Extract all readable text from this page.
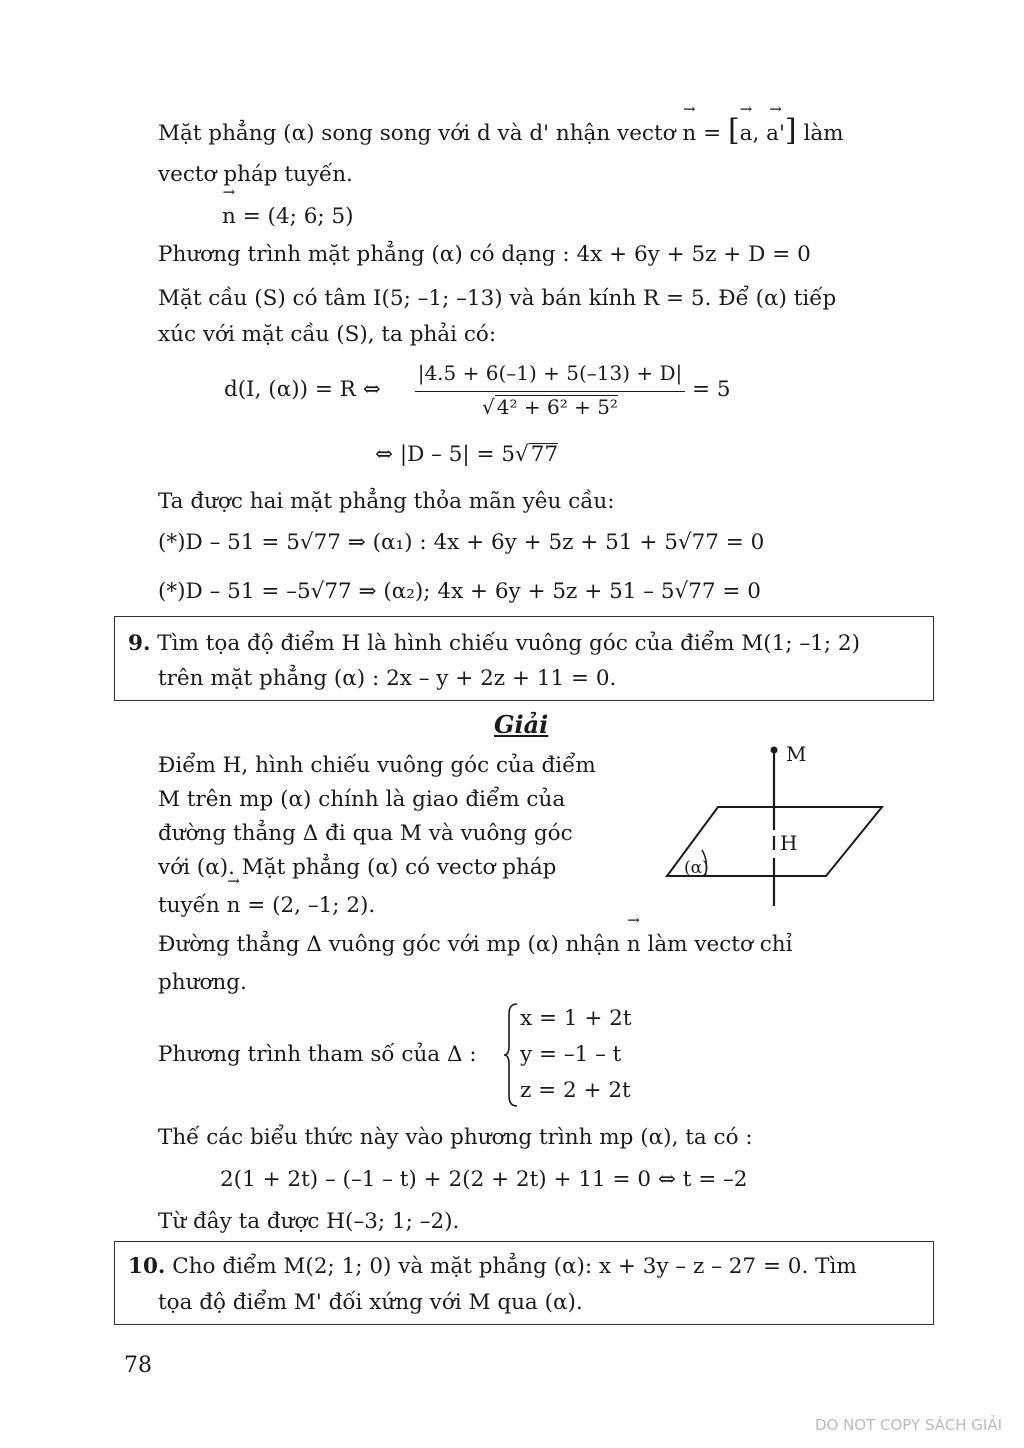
Mặt phẳng (α) song song với d và d' nhận vectơ → n = [→ a, → a'] làm
vectơ pháp tuyến.
→ n = (4; 6; 5)
Phương trình mặt phẳng (α) có dạng : 4x + 6y + 5z + D = 0
Mặt cầu (S) có tâm I(5; –1; –13) và bán kính R = 5. Để (α) tiếp
xúc với mặt cầu (S), ta phải có:
d(I, (α)) = R ⇔
|4.5 + 6(–1) + 5(–13) + D|
√ 4² + 6² + 5²
= 5
⇔ |D – 5| = 5√77
Ta được hai mặt phẳng thỏa mãn yêu cầu:
(*)D – 51 = 5√77 ⇒ (α₁) : 4x + 6y + 5z + 51 + 5√77 = 0
(*)D – 51 = –5√77 ⇒ (α₂); 4x + 6y + 5z + 51 – 5√77 = 0
9. Tìm tọa độ điểm H là hình chiếu vuông góc của điểm M(1; –1; 2)
trên mặt phẳng (α) : 2x – y + 2z + 11 = 0.
Giải
Điểm H, hình chiếu vuông góc của điểm
M trên mp (α) chính là giao điểm của
đường thẳng Δ đi qua M và vuông góc
với (α). Mặt phẳng (α) có vectơ pháp
tuyến → n = (2, –1; 2).
M
H
(α)
Đường thẳng Δ vuông góc với mp (α) nhận → n làm vectơ chỉ
phương.
Phương trình tham số của Δ :
x = 1 + 2t
y = –1 – t
z = 2 + 2t
Thế các biểu thức này vào phương trình mp (α), ta có :
2(1 + 2t) – (–1 – t) + 2(2 + 2t) + 11 = 0 ⇔ t = –2
Từ đây ta được H(–3; 1; –2).
10. Cho điểm M(2; 1; 0) và mặt phẳng (α): x + 3y – z – 27 = 0. Tìm
tọa độ điểm M' đối xứng với M qua (α).
78
DO NOT COPY SÁCH GIẢI
